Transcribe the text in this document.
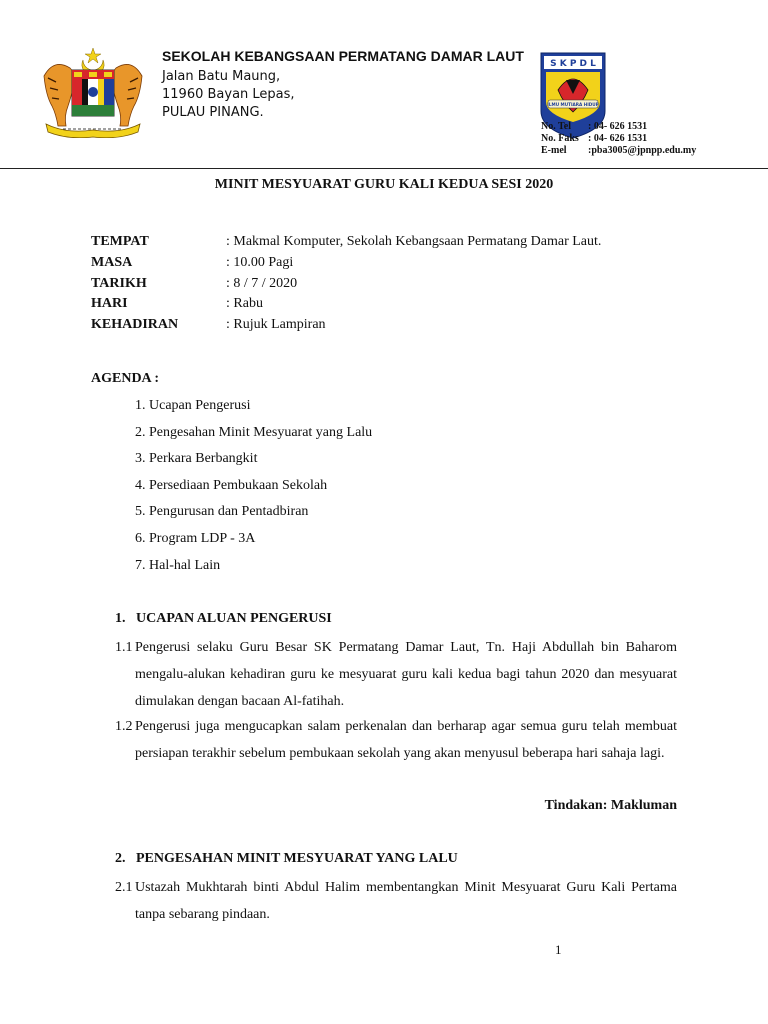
S K P D L
ILMU MUTIARA HIDUP
SEKOLAH KEBANGSAAN PERMATANG DAMAR LAUT
Jalan Batu Maung,
11960 Bayan Lepas,
PULAU PINANG.
No. Tel : 04- 626 1531
No. Faks : 04- 626 1531
E-mel :pba3005@jpnpp.edu.my
MINIT MESYUARAT GURU KALI KEDUA SESI 2020
TEMPAT	: Makmal Komputer, Sekolah Kebangsaan Permatang Damar Laut.
MASA	: 10.00 Pagi
TARIKH	: 8 / 7 / 2020
HARI	: Rabu
KEHADIRAN	: Rujuk Lampiran
AGENDA :
1. Ucapan Pengerusi
2. Pengesahan Minit Mesyuarat yang Lalu
3. Perkara Berbangkit
4. Persediaan Pembukaan Sekolah
5. Pengurusan dan Pentadbiran
6. Program LDP - 3A
7. Hal-hal Lain
1. UCAPAN ALUAN PENGERUSI
1.1 Pengerusi selaku Guru Besar SK Permatang Damar Laut, Tn. Haji Abdullah bin Baharom mengalu-alukan kehadiran guru ke mesyuarat guru kali kedua bagi tahun 2020 dan mesyuarat dimulakan dengan bacaan Al-fatihah.
1.2 Pengerusi juga mengucapkan salam perkenalan dan berharap agar semua guru telah membuat persiapan terakhir sebelum pembukaan sekolah yang akan menyusul beberapa hari sahaja lagi.
Tindakan: Makluman
2. PENGESAHAN MINIT MESYUARAT YANG LALU
2.1 Ustazah Mukhtarah binti Abdul Halim membentangkan Minit Mesyuarat Guru Kali Pertama tanpa sebarang pindaan.
1
